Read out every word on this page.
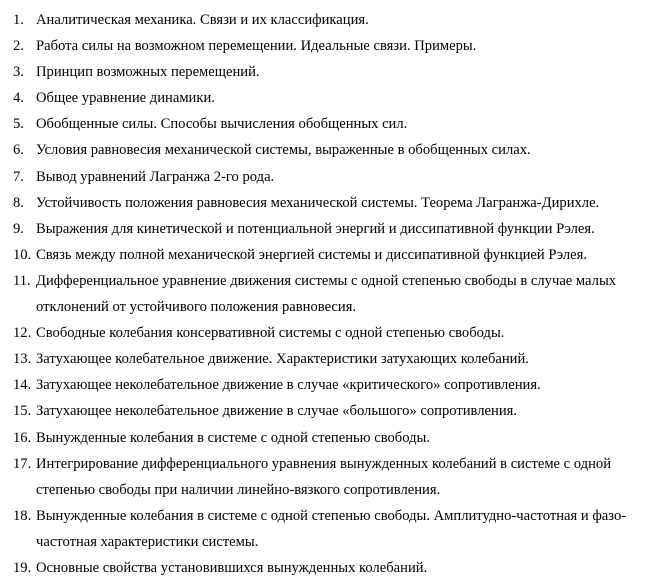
1. Аналитическая механика. Связи и их классификация.
2. Работа силы на возможном перемещении. Идеальные связи. Примеры.
3. Принцип возможных перемещений.
4. Общее уравнение динамики.
5. Обобщенные силы. Способы вычисления обобщенных сил.
6. Условия равновесия механической системы, выраженные в обобщенных силах.
7. Вывод уравнений Лагранжа 2-го рода.
8. Устойчивость положения равновесия механической системы. Теорема Лагранжа-Дирихле.
9. Выражения для кинетической и потенциальной энергий и диссипативной функции Рэлея.
10. Связь между полной механической энергией системы и диссипативной функцией Рэлея.
11. Дифференциальное уравнение движения системы с одной степенью свободы в случае малых отклонений от устойчивого положения равновесия.
12. Свободные колебания консервативной системы с одной степенью свободы.
13. Затухающее колебательное движение. Характеристики затухающих колебаний.
14. Затухающее неколебательное движение в случае «критического» сопротивления.
15. Затухающее неколебательное движение в случае «большого» сопротивления.
16. Вынужденные колебания в системе с одной степенью свободы.
17. Интегрирование дифференциального уравнения вынужденных колебаний в системе с одной степенью свободы при наличии линейно-вязкого сопротивления.
18. Вынужденные колебания в системе с одной степенью свободы. Амплитудно-частотная и фазо-частотная характеристики системы.
19. Основные свойства установившихся вынужденных колебаний.
